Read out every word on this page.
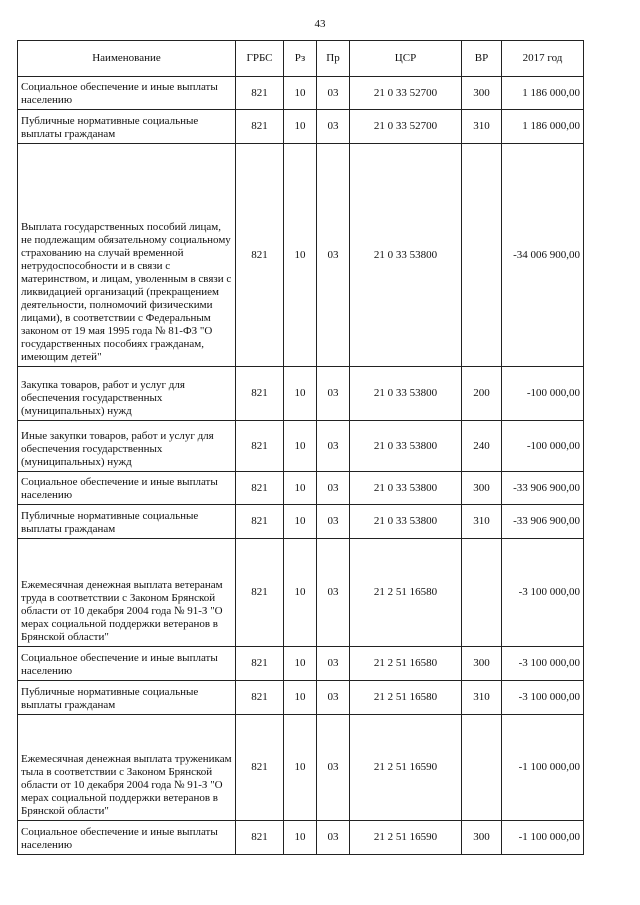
43
Наименование	ГРБС	Рз	Пр	ЦСР	ВР	2017 год
Социальное обеспечение и иные выплаты населению	821	10	03	21 0 33 52700	300	1 186 000,00
Публичные нормативные социальные выплаты гражданам	821	10	03	21 0 33 52700	310	1 186 000,00
Выплата государственных пособий лицам, не подлежащим обязательному социальному страхованию на случай временной нетрудоспособности и в связи с материнством, и лицам, уволенным в связи с ликвидацией организаций (прекращением деятельности, полномочий физическими лицами), в соответствии с Федеральным законом от 19 мая 1995 года № 81-ФЗ "О государственных пособиях гражданам, имеющим детей"	821	10	03	21 0 33 53800		-34 006 900,00
Закупка товаров, работ и услуг для обеспечения государственных (муниципальных) нужд	821	10	03	21 0 33 53800	200	-100 000,00
Иные закупки товаров, работ и услуг для обеспечения государственных (муниципальных) нужд	821	10	03	21 0 33 53800	240	-100 000,00
Социальное обеспечение и иные выплаты населению	821	10	03	21 0 33 53800	300	-33 906 900,00
Публичные нормативные социальные выплаты гражданам	821	10	03	21 0 33 53800	310	-33 906 900,00
Ежемесячная денежная выплата ветеранам труда в соответствии с Законом Брянской области от 10 декабря 2004 года № 91-З "О мерах социальной поддержки ветеранов в Брянской области"	821	10	03	21 2 51 16580		-3 100 000,00
Социальное обеспечение и иные выплаты населению	821	10	03	21 2 51 16580	300	-3 100 000,00
Публичные нормативные социальные выплаты гражданам	821	10	03	21 2 51 16580	310	-3 100 000,00
Ежемесячная денежная выплата труженикам тыла в соответствии с Законом Брянской области от 10 декабря 2004 года № 91-З "О мерах социальной поддержки ветеранов в Брянской области"	821	10	03	21 2 51 16590		-1 100 000,00
Социальное обеспечение и иные выплаты населению	821	10	03	21 2 51 16590	300	-1 100 000,00
